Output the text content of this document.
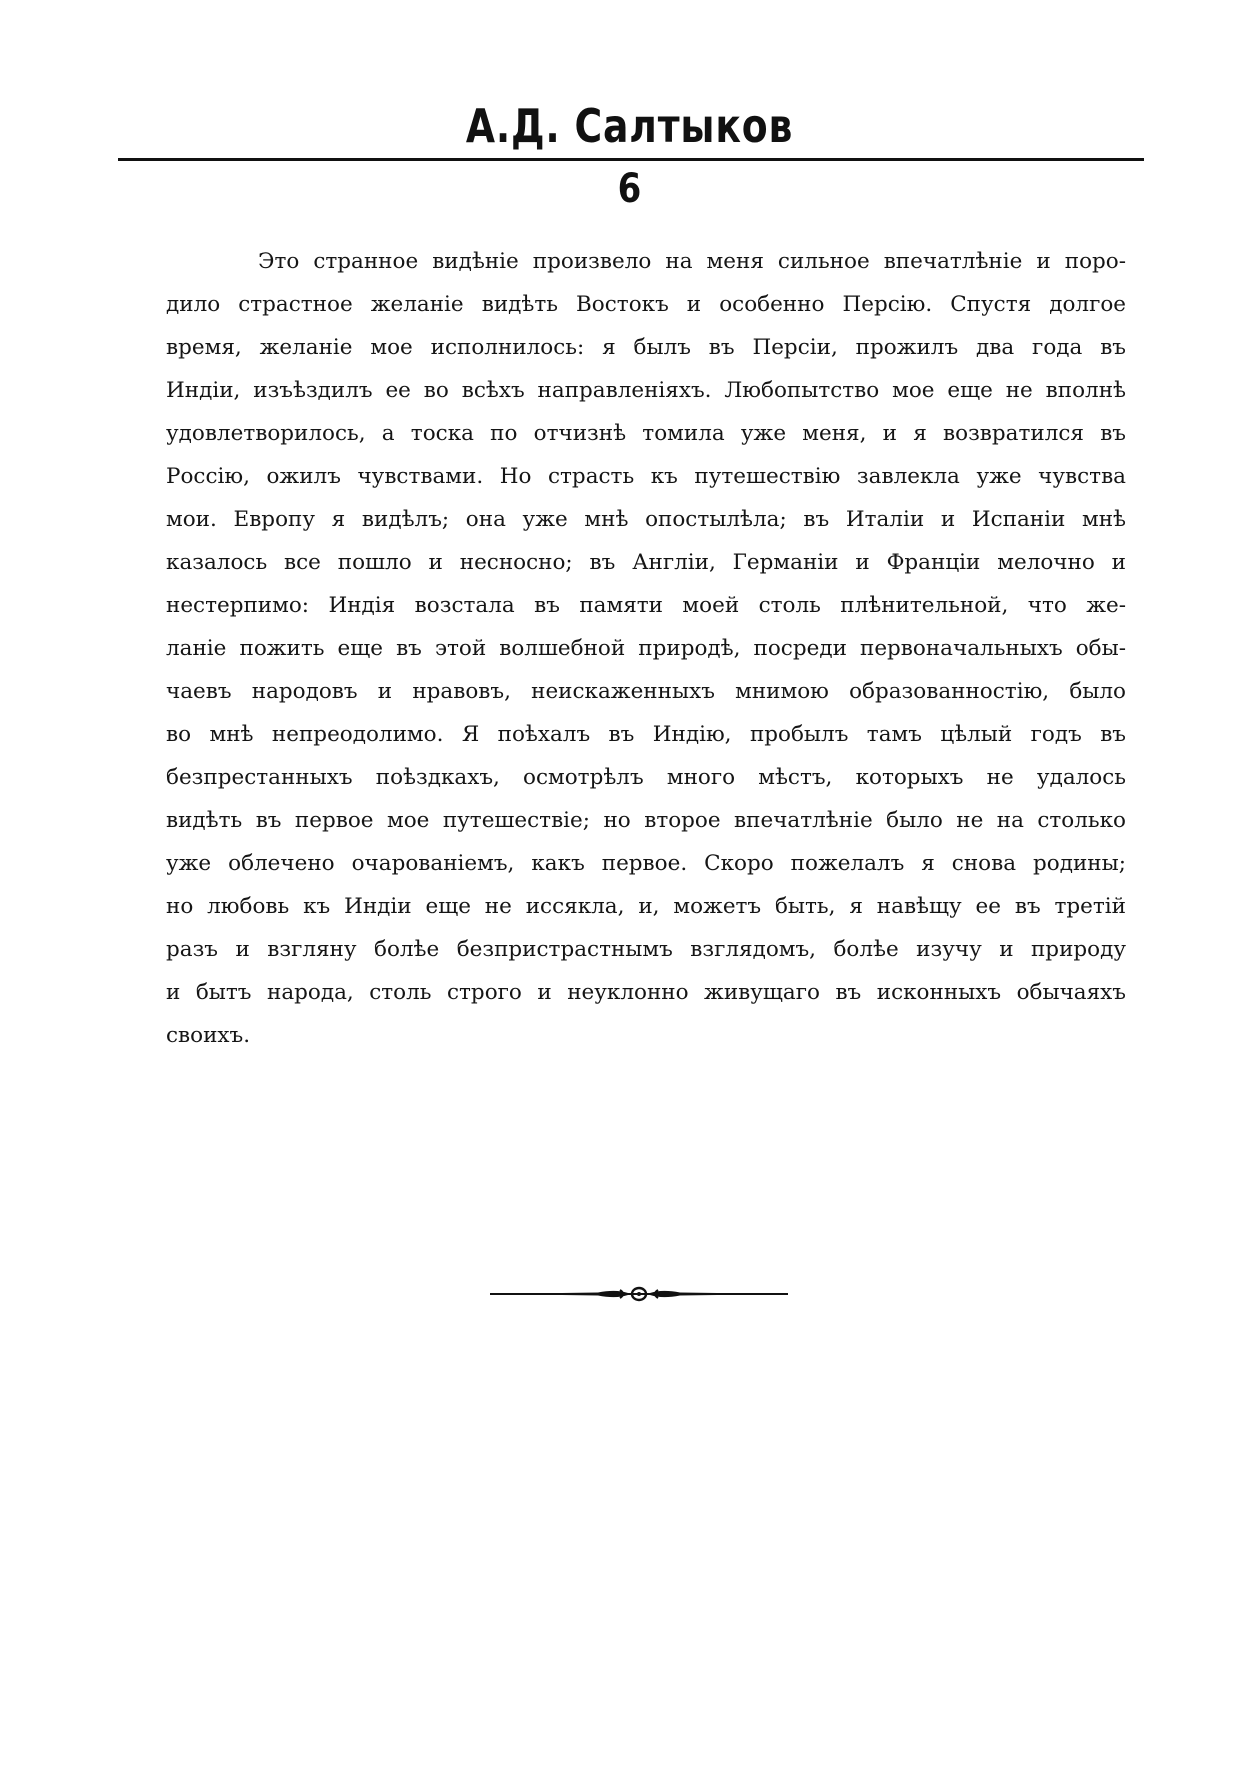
А.Д. Салтыков
6
Это странное видѣніе произвело на меня сильное впечатлѣніе и поро-
дило страстное желаніе видѣть Востокъ и особенно Персію. Спустя долгое
время, желаніе мое исполнилось: я былъ въ Персіи, прожилъ два года въ
Индіи, изъѣздилъ ее во всѣхъ направленіяхъ. Любопытство мое еще не вполнѣ
удовлетворилось, а тоска по отчизнѣ томила уже меня, и я возвратился въ
Россію, ожилъ чувствами. Но страсть къ путешествію завлекла уже чувства
мои. Европу я видѣлъ; она уже мнѣ опостылѣла; въ Италіи и Испаніи мнѣ
казалось все пошло и несносно; въ Англіи, Германіи и Франціи мелочно и
нестерпимо: Индія возстала въ памяти моей столь плѣнительной, что же-
ланіе пожить еще въ этой волшебной природѣ, посреди первоначальныхъ обы-
чаевъ народовъ и нравовъ, неискаженныхъ мнимою образованностію, было
во мнѣ непреодолимо. Я поѣхалъ въ Индію, пробылъ тамъ цѣлый годъ въ
безпрестанныхъ поѣздкахъ, осмотрѣлъ много мѣстъ, которыхъ не удалось
видѣть въ первое мое путешествіе; но второе впечатлѣніе было не на столько
уже облечено очарованіемъ, какъ первое. Скоро пожелалъ я снова родины;
но любовь къ Индіи еще не иссякла, и, можетъ быть, я навѣщу ее въ третій
разъ и взгляну болѣе безпристрастнымъ взглядомъ, болѣе изучу и природу
и бытъ народа, столь строго и неуклонно живущаго въ исконныхъ обычаяхъ
своихъ.
